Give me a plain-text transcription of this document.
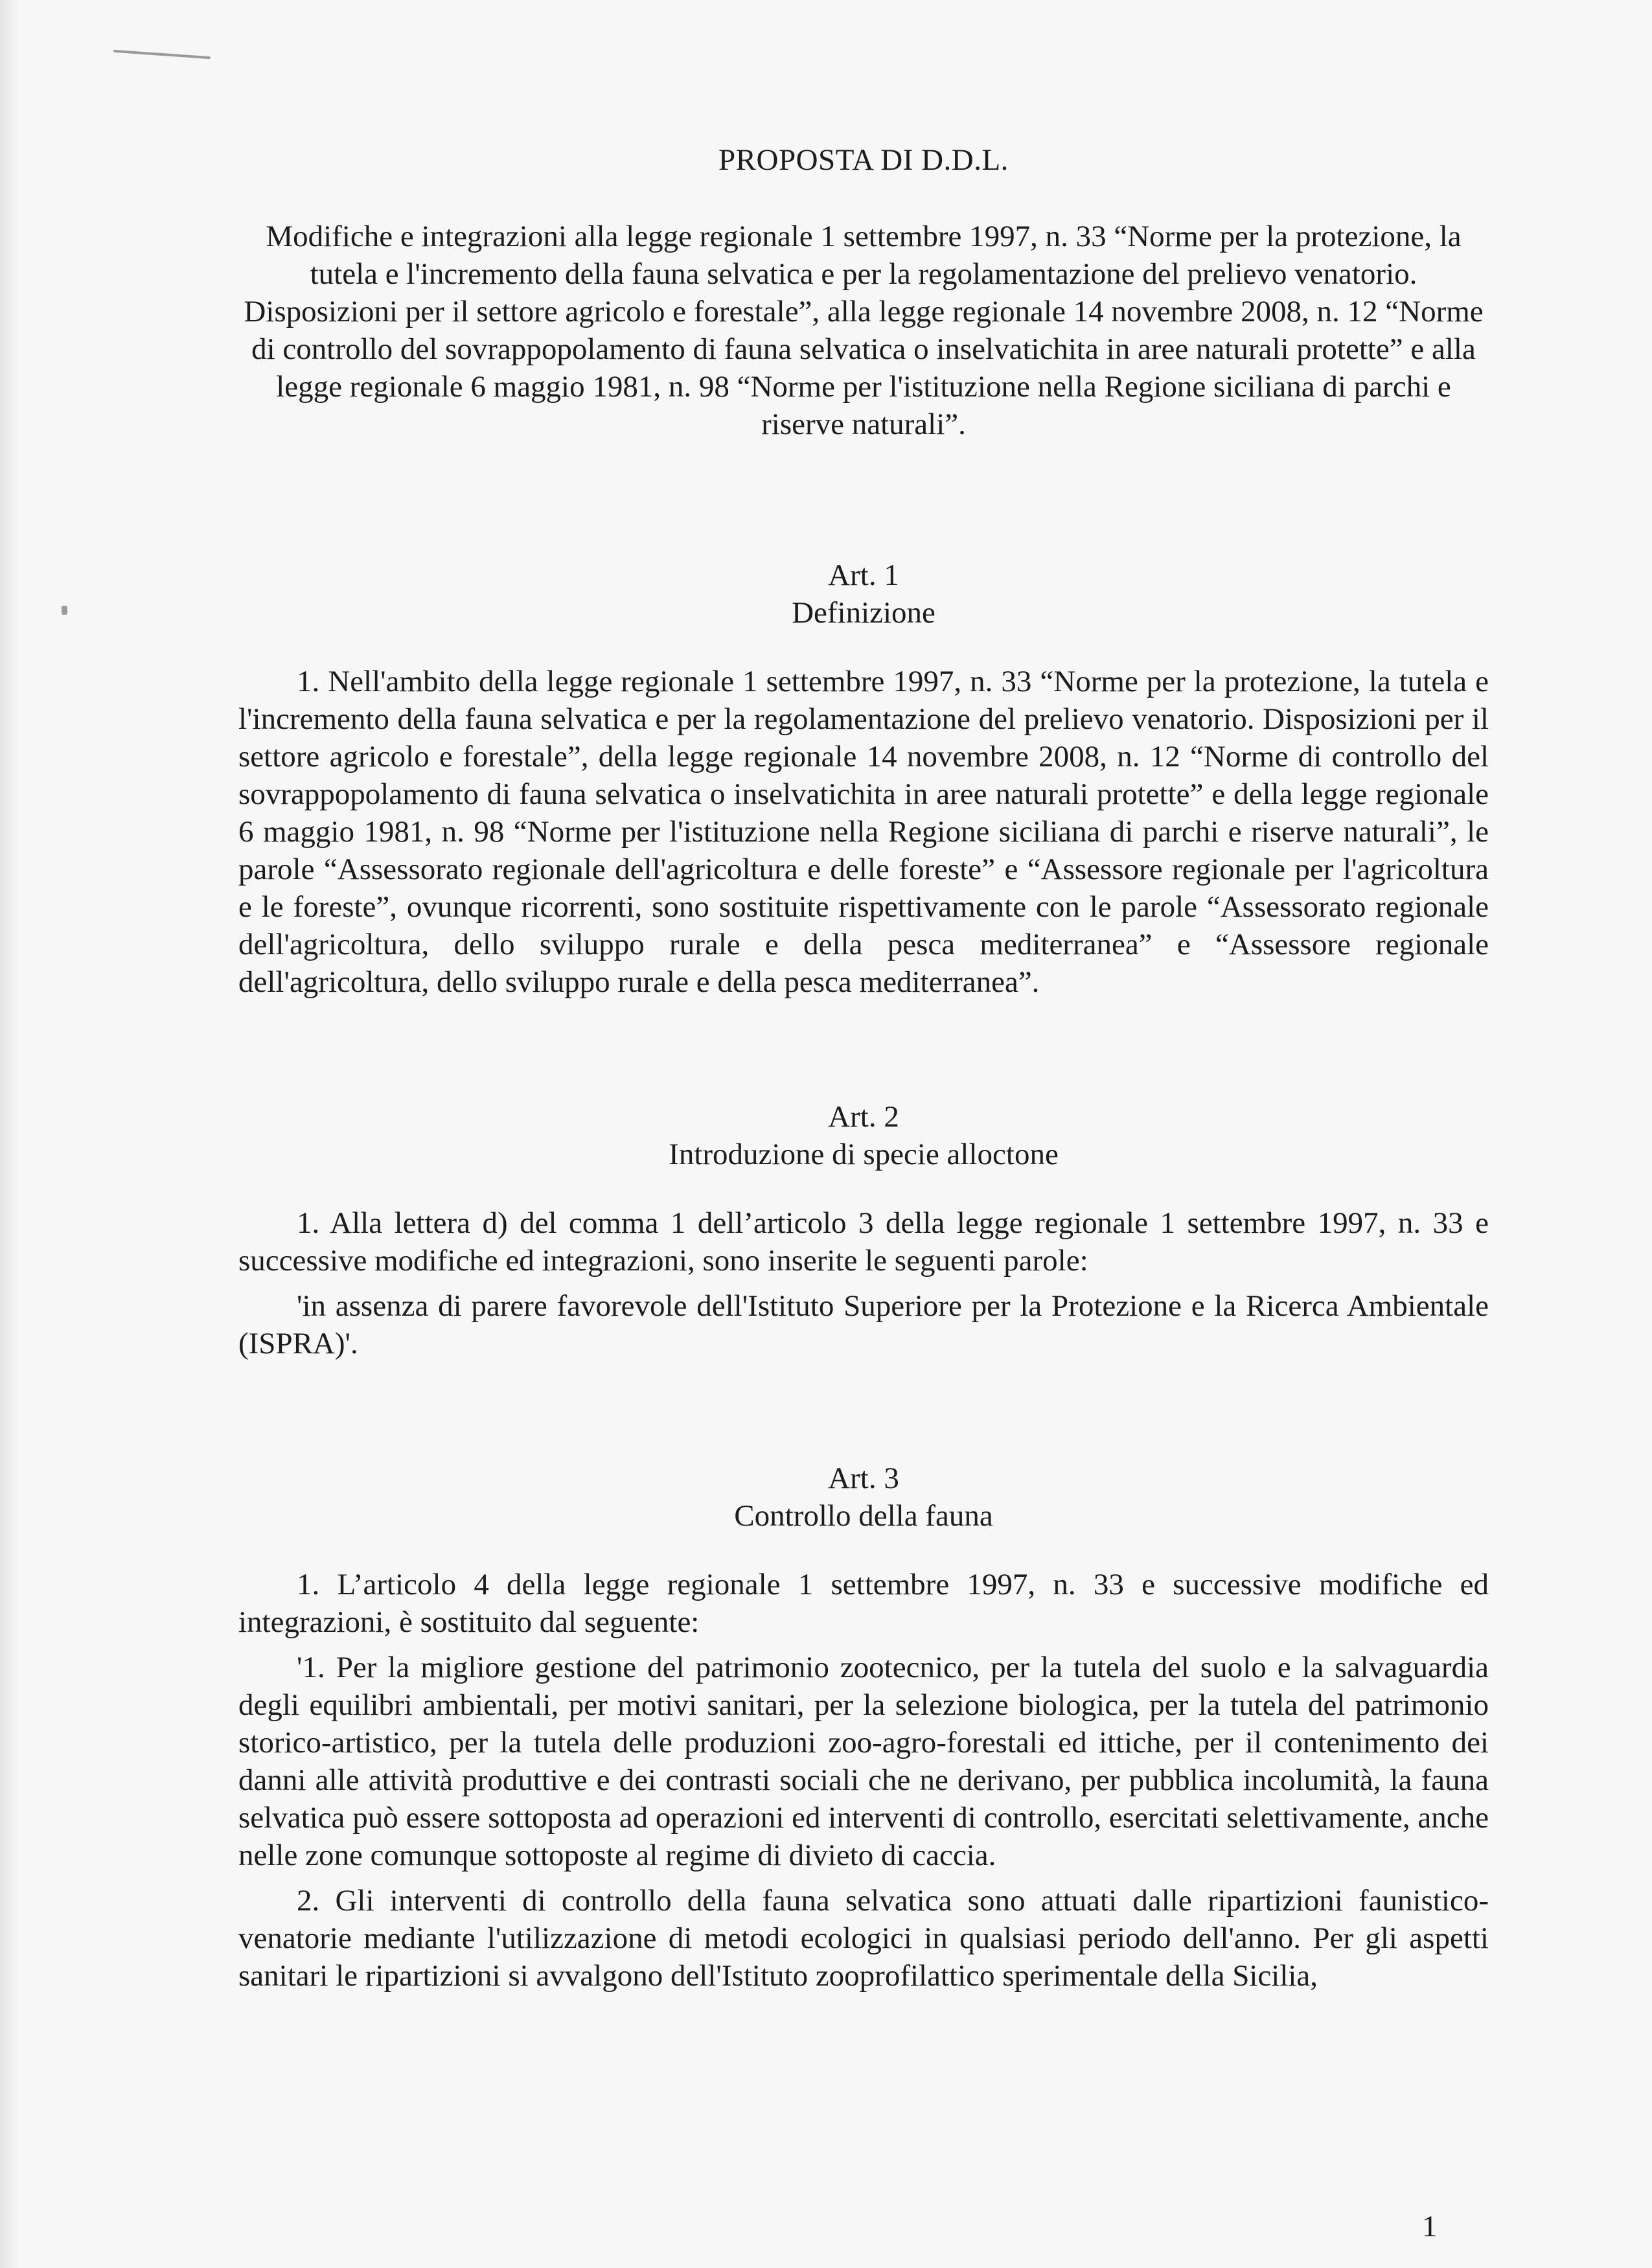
PROPOSTA DI D.D.L.

Modifiche e integrazioni alla legge regionale 1 settembre 1997, n. 33 “Norme per la protezione, la tutela e l'incremento della fauna selvatica e per la regolamentazione del prelievo venatorio. Disposizioni per il settore agricolo e forestale”, alla legge regionale 14 novembre 2008, n. 12 “Norme di controllo del sovrappopolamento di fauna selvatica o inselvatichita in aree naturali protette” e alla legge regionale 6 maggio 1981, n. 98 “Norme per l'istituzione nella Regione siciliana di parchi e riserve naturali”.

Art. 1

Definizione

1. Nell'ambito della legge regionale 1 settembre 1997, n. 33 “Norme per la protezione, la tutela e l'incremento della fauna selvatica e per la regolamentazione del prelievo venatorio. Disposizioni per il settore agricolo e forestale”, della legge regionale 14 novembre 2008, n. 12 “Norme di controllo del sovrappopolamento di fauna selvatica o inselvatichita in aree naturali protette” e della legge regionale 6 maggio 1981, n. 98 “Norme per l'istituzione nella Regione siciliana di parchi e riserve naturali”, le parole “Assessorato regionale dell'agricoltura e delle foreste” e “Assessore regionale per l'agricoltura e le foreste”, ovunque ricorrenti, sono sostituite rispettivamente con le parole “Assessorato regionale dell'agricoltura, dello sviluppo rurale e della pesca mediterranea” e “Assessore regionale dell'agricoltura, dello sviluppo rurale e della pesca mediterranea”.

Art. 2

Introduzione di specie alloctone

1. Alla lettera d) del comma 1 dell’articolo 3 della legge regionale 1 settembre 1997, n. 33 e successive modifiche ed integrazioni, sono inserite le seguenti parole:

'in assenza di parere favorevole dell'Istituto Superiore per la Protezione e la Ricerca Ambientale (ISPRA)'.

Art. 3

Controllo della fauna

1. L’articolo 4 della legge regionale 1 settembre 1997, n. 33 e successive modifiche ed integrazioni, è sostituito dal seguente:

'1. Per la migliore gestione del patrimonio zootecnico, per la tutela del suolo e la salvaguardia degli equilibri ambientali, per motivi sanitari, per la selezione biologica, per la tutela del patrimonio storico-artistico, per la tutela delle produzioni zoo-agro-forestali ed ittiche, per il contenimento dei danni alle attività produttive e dei contrasti sociali che ne derivano, per pubblica incolumità, la fauna selvatica può essere sottoposta ad operazioni ed interventi di controllo, esercitati selettivamente, anche nelle zone comunque sottoposte al regime di divieto di caccia.

2. Gli interventi di controllo della fauna selvatica sono attuati dalle ripartizioni faunistico-venatorie mediante l'utilizzazione di metodi ecologici in qualsiasi periodo dell'anno. Per gli aspetti sanitari le ripartizioni si avvalgono dell'Istituto zooprofilattico sperimentale della Sicilia,

1
